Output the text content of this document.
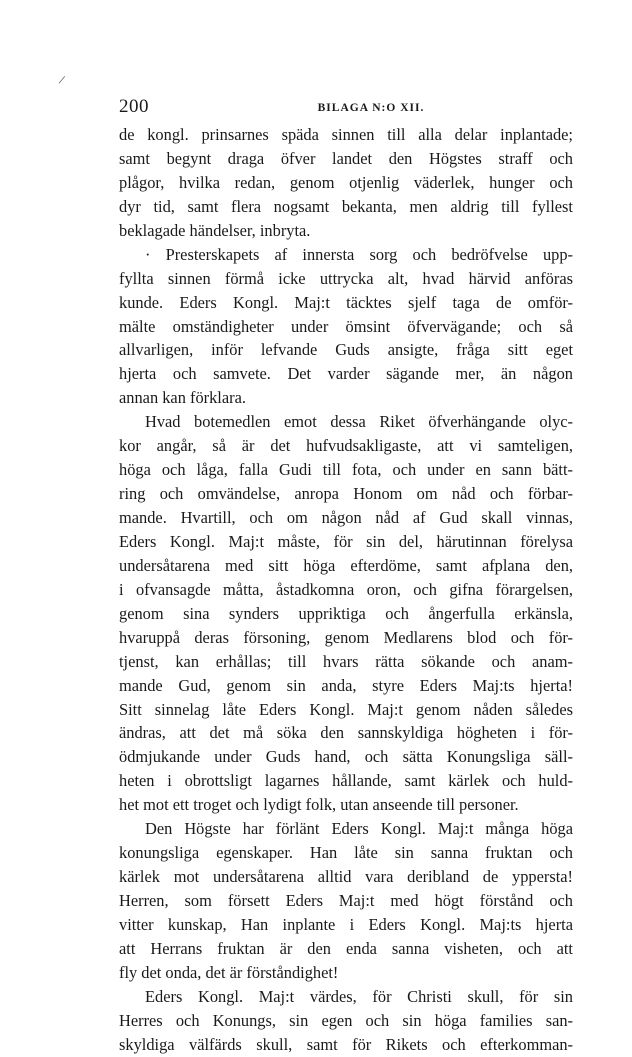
/
200	BILAGA N:O XII.
de kongl. prinsarnes späda sinnen till alla delar inplantade;
samt begynt draga öfver landet den Högstes straff och
plågor, hvilka redan, genom otjenlig väderlek, hunger och
dyr tid, samt flera nogsamt bekanta, men aldrig till fyllest
beklagade händelser, inbryta.
· Presterskapets af innersta sorg och bedröfvelse upp-
fyllta sinnen förmå icke uttrycka alt, hvad härvid anföras
kunde. Eders Kongl. Maj:t täcktes sjelf taga de omför-
mälte omständigheter under ömsint öfvervägande; och så
allvarligen, inför lefvande Guds ansigte, fråga sitt eget
hjerta och samvete. Det varder sägande mer, än någon
annan kan förklara.
Hvad botemedlen emot dessa Riket öfverhängande olyc-
kor angår, så är det hufvudsakligaste, att vi samteligen,
höga och låga, falla Gudi till fota, och under en sann bätt-
ring och omvändelse, anropa Honom om nåd och förbar-
mande. Hvartill, och om någon nåd af Gud skall vinnas,
Eders Kongl. Maj:t måste, för sin del, härutinnan förelysa
undersåtarena med sitt höga efterdöme, samt afplana den,
i ofvansagde måtta, åstadkomna oron, och gifna förargelsen,
genom sina synders uppriktiga och ångerfulla erkänsla,
hvaruppå deras försoning, genom Medlarens blod och för-
tjenst, kan erhållas; till hvars rätta sökande och anam-
mande Gud, genom sin anda, styre Eders Maj:ts hjerta!
Sitt sinnelag låte Eders Kongl. Maj:t genom nåden således
ändras, att det må söka den sannskyldiga högheten i för-
ödmjukande under Guds hand, och sätta Konungsliga säll-
heten i obrottsligt lagarnes hållande, samt kärlek och huld-
het mot ett troget och lydigt folk, utan anseende till personer.
Den Högste har förlänt Eders Kongl. Maj:t många höga
konungsliga egenskaper. Han låte sin sanna fruktan och
kärlek mot undersåtarena alltid vara deribland de yppersta!
Herren, som försett Eders Maj:t med högt förstånd och
vitter kunskap, Han inplante i Eders Kongl. Maj:ts hjerta
att Herrans fruktan är den enda sanna visheten, och att
fly det onda, det är förståndighet!
Eders Kongl. Maj:t värdes, för Christi skull, för sin
Herres och Konungs, sin egen och sin höga families san-
skyldiga välfärds skull, samt för Rikets och efterkomman-
